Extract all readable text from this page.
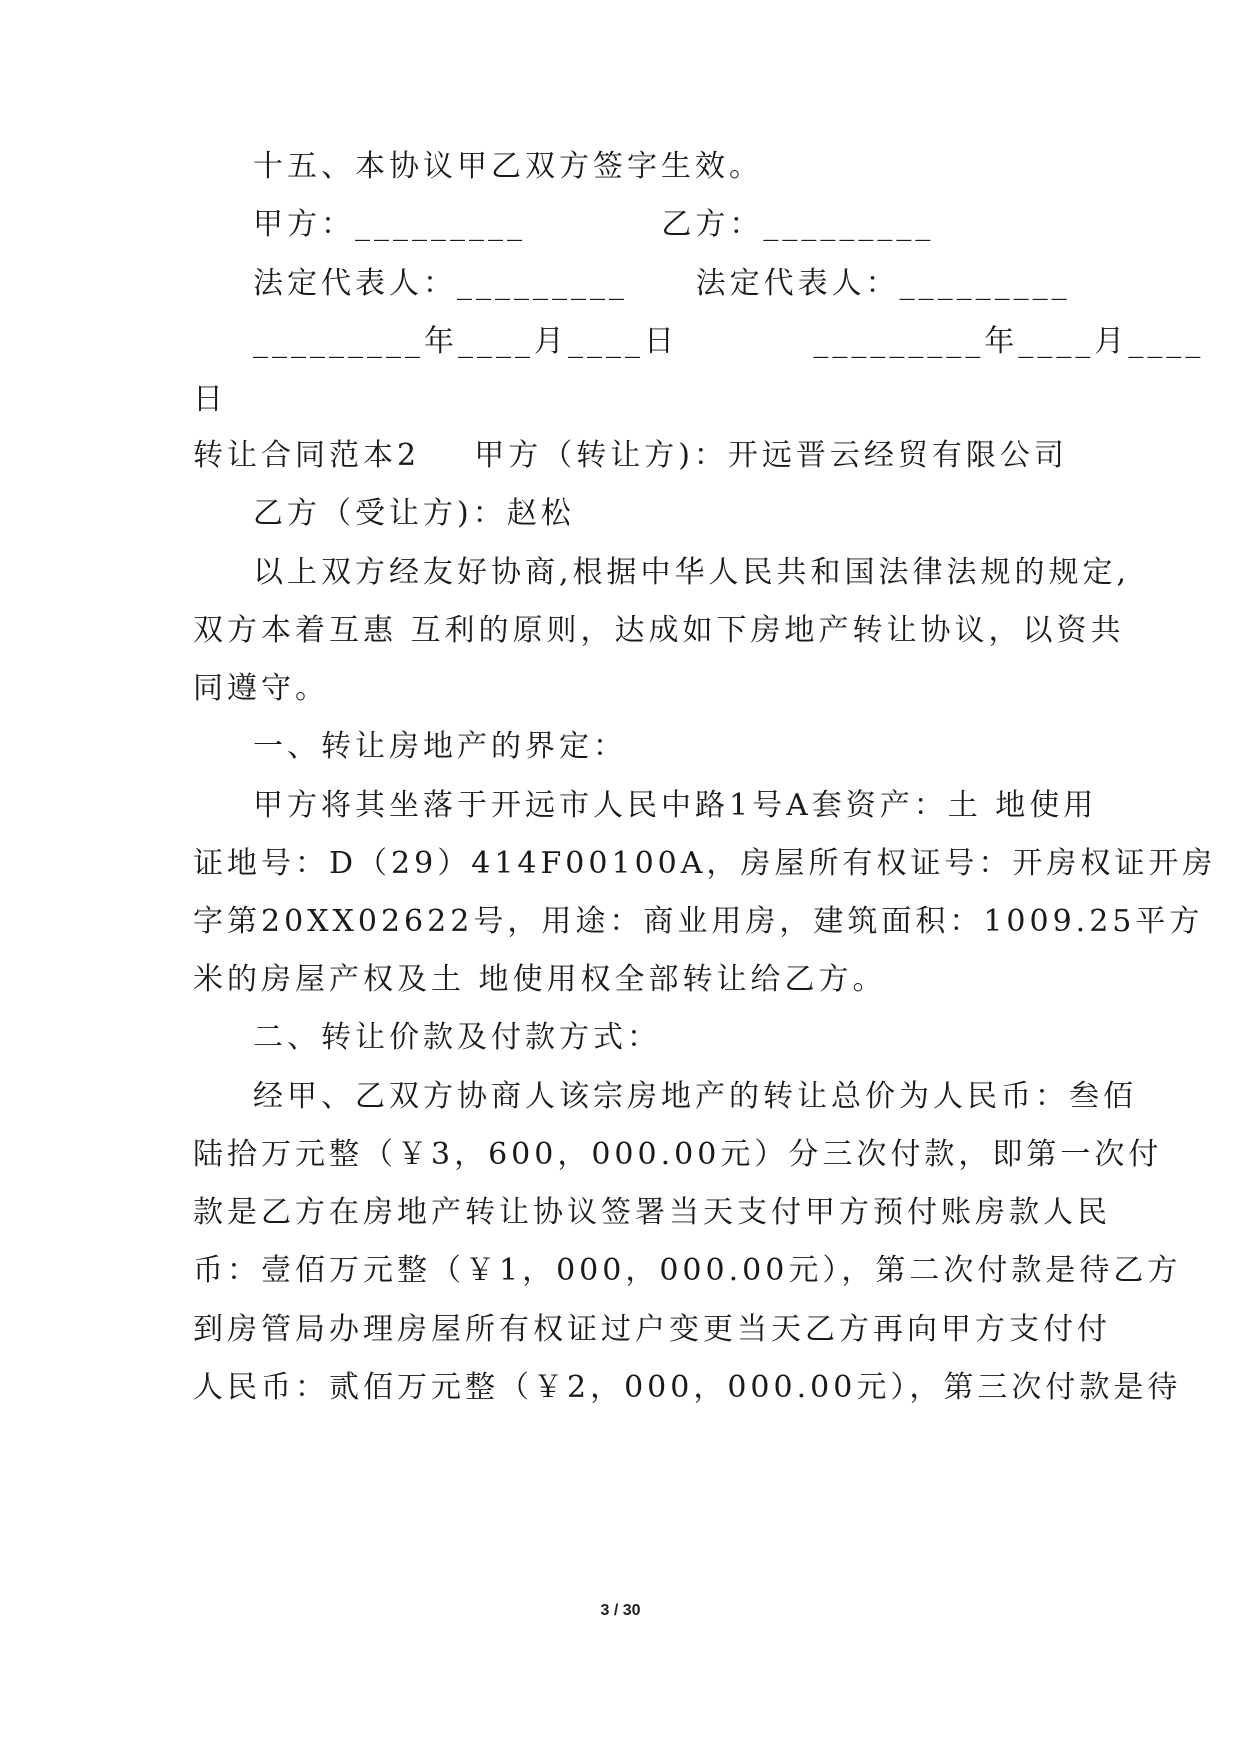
十五、本协议甲乙双方签字生效。
甲方：_________          乙方：_________
法定代表人：_________     法定代表人：_________
_________年____月____日          _________年____月____
日
转让合同范本2    甲方（转让方)：开远晋云经贸有限公司
乙方（受让方)：赵松
以上双方经友好协商,根据中华人民共和国法律法规的规定,
双方本着互惠 互利的原则，达成如下房地产转让协议，以资共
同遵守。
一、转让房地产的界定：
甲方将其坐落于开远市人民中路1号A套资产：土 地使用
证地号：D（29）414F00100A，房屋所有权证号：开房权证开房
字第20XX02622号，用途：商业用房，建筑面积：1009.25平方
米的房屋产权及土 地使用权全部转让给乙方。
二、转让价款及付款方式：
经甲、乙双方协商人该宗房地产的转让总价为人民币：叁佰
陆拾万元整（￥3，600，000.00元）分三次付款，即第一次付
款是乙方在房地产转让协议签署当天支付甲方预付账房款人民
币：壹佰万元整（￥1，000，000.00元），第二次付款是待乙方
到房管局办理房屋所有权证过户变更当天乙方再向甲方支付付
人民币：贰佰万元整（￥2，000，000.00元），第三次付款是待
3 / 30
